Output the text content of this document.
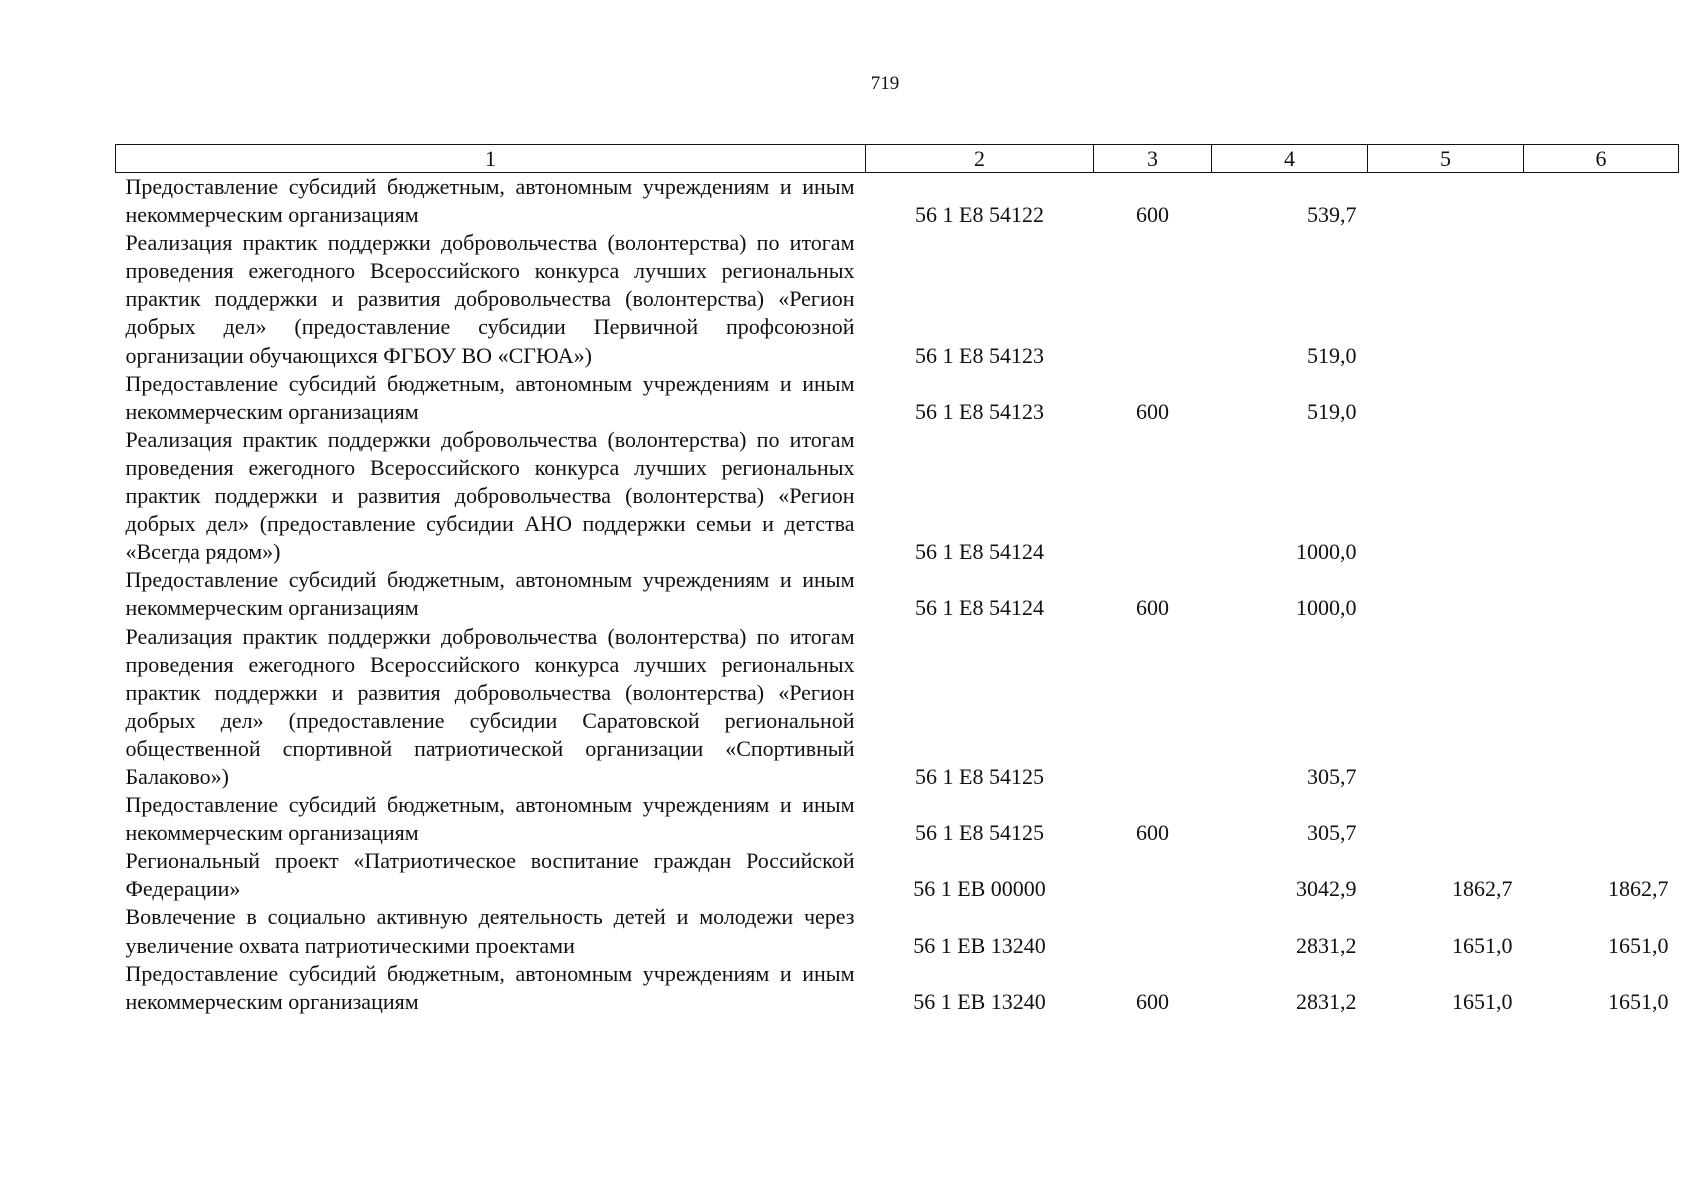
719
1	2	3	4	5	6
Предоставление субсидий бюджетным, автономным учреждениям и иным некоммерческим организациям	56 1 E8 54122	600	539,7		
Реализация практик поддержки добровольчества (волонтерства) по итогам проведения ежегодного Всероссийского конкурса лучших региональных практик поддержки и развития добровольчества (волонтерства) «Регион добрых дел» (предоставление субсидии Первичной профсоюзной организации обучающихся ФГБОУ ВО «СГЮА»)	56 1 E8 54123		519,0		
Предоставление субсидий бюджетным, автономным учреждениям и иным некоммерческим организациям	56 1 E8 54123	600	519,0		
Реализация практик поддержки добровольчества (волонтерства) по итогам проведения ежегодного Всероссийского конкурса лучших региональных практик поддержки и развития добровольчества (волонтерства) «Регион добрых дел» (предоставление субсидии АНО поддержки семьи и детства «Всегда рядом»)	56 1 E8 54124		1000,0		
Предоставление субсидий бюджетным, автономным учреждениям и иным некоммерческим организациям	56 1 E8 54124	600	1000,0		
Реализация практик поддержки добровольчества (волонтерства) по итогам проведения ежегодного Всероссийского конкурса лучших региональных практик поддержки и развития добровольчества (волонтерства) «Регион добрых дел» (предоставление субсидии Саратовской региональной общественной спортивной патриотической организации «Спортивный Балаково»)	56 1 E8 54125		305,7		
Предоставление субсидий бюджетным, автономным учреждениям и иным некоммерческим организациям	56 1 E8 54125	600	305,7		
Региональный проект «Патриотическое воспитание граждан Российской Федерации»	56 1 EB 00000		3042,9	1862,7	1862,7
Вовлечение в социально активную деятельность детей и молодежи через увеличение охвата патриотическими проектами	56 1 EB 13240		2831,2	1651,0	1651,0
Предоставление субсидий бюджетным, автономным учреждениям и иным некоммерческим организациям	56 1 EB 13240	600	2831,2	1651,0	1651,0
